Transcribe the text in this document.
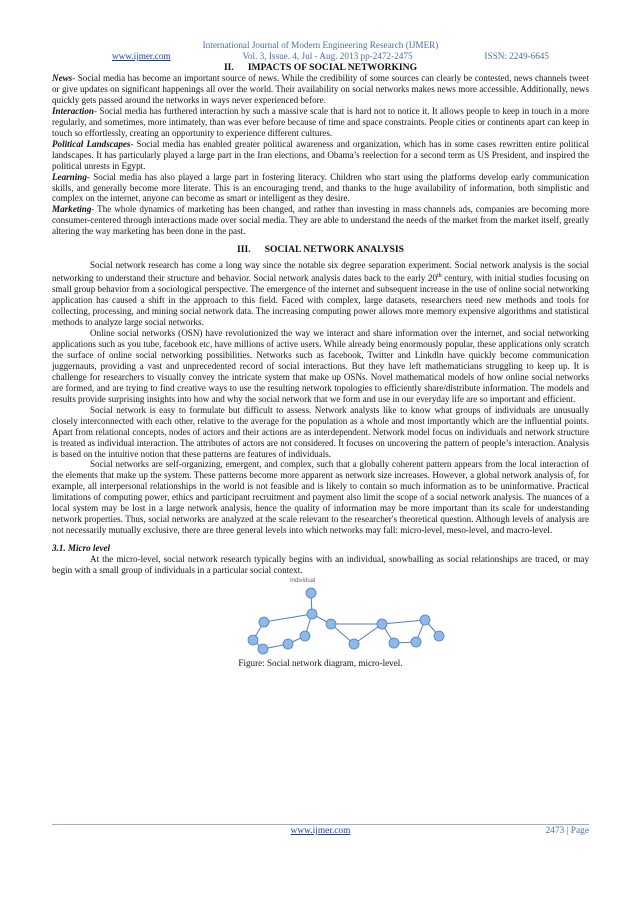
International Journal of Modern Engineering Research (IJMER)
www.ijmer.com	Vol. 3, Issue. 4, Jul - Aug. 2013 pp-2472-2475	ISSN: 2249-6645
II. IMPACTS OF SOCIAL NETWORKING

News- Social media has become an important source of news. While the credibility of some sources can clearly be contested, news channels tweet or give updates on significant happenings all over the world. Their availability on social networks makes news more accessible. Additionally, news quickly gets passed around the networks in ways never experienced before.

Interaction- Social media has furthered interaction by such a massive scale that is hard not to notice it. It allows people to keep in touch in a more regularly, and sometimes, more intimately, than was ever before because of time and space constraints. People cities or continents apart can keep in touch so effortlessly, creating an opportunity to experience different cultures.

Political Landscapes- Social media has enabled greater political awareness and organization, which has in some cases rewritten entire political landscapes. It has particularly played a large part in the Iran elections, and Obama’s reelection for a second term as US President, and inspired the political unrests in Egypt.

Learning- Social media has also played a large part in fostering literacy. Children who start using the platforms develop early communication skills, and generally become more literate. This is an encouraging trend, and thanks to the huge availability of information, both simplistic and complex on the internet, anyone can become as smart or intelligent as they desire.

Marketing- The whole dynamics of marketing has been changed, and rather than investing in mass channels ads, companies are becoming more consumer-centered through interactions made over social media. They are able to understand the needs of the market from the market itself, greatly altering the way marketing has been done in the past.

III. SOCIAL NETWORK ANALYSIS

Social network research has come a long way since the notable six degree separation experiment. Social network analysis is the social networking to understand their structure and behavior. Social network analysis dates back to the early 20th century, with initial studies focusing on small group behavior from a sociological perspective. The emergence of the internet and subsequent increase in the use of online social networking application has caused a shift in the approach to this field. Faced with complex, large datasets, researchers need new methods and tools for collecting, processing, and mining social network data. The increasing computing power allows more memory expensive algorithms and statistical methods to analyze large social networks.

Online social networks (OSN) have revolutionized the way we interact and share information over the internet, and social networking applications such as you tube, facebook etc, have millions of active users. While already being enormously popular, these applications only scratch the surface of online social networking possibilities. Networks such as facebook, Twitter and Linkdln have quickly become communication juggernauts, providing a vast and unprecedented record of social interactions. But they have left mathematicians struggling to keep up. It is challenge for researchers to visually convey the intricate system that make up OSNs. Novel mathematical models of how online social networks are formed, and are trying to find creative ways to use the resulting network topologies to efficiently share/distribute information. The models and results provide surprising insights into how and why the social network that we form and use in our everyday life are so important and efficient.

Social network is easy to formulate but difficult to assess. Network analysts like to know what groups of individuals are unusually closely interconnected with each other, relative to the average for the population as a whole and most importantly which are the influential points. Apart from relational concepts, nodes of actors and their actions are as interdependent. Network model focus on individuals and network structure is treated as individual interaction. The attributes of actors are not considered. It focuses on uncovering the pattern of people’s interaction. Analysis is based on the intuitive notion that these patterns are features of individuals.

Social networks are self-organizing, emergent, and complex, such that a globally coherent pattern appears from the local interaction of the elements that make up the system. These patterns become more apparent as network size increases. However, a global network analysis of, for example, all interpersonal relationships in the world is not feasible and is likely to contain so much information as to be uninformative. Practical limitations of computing power, ethics and participant recruitment and payment also limit the scope of a social network analysis. The nuances of a local system may be lost in a large network analysis, hence the quality of information may be more important than its scale for understanding network properties. Thus, social networks are analyzed at the scale relevant to the researcher's theoretical question. Although levels of analysis are not necessarily mutually exclusive, there are three general levels into which networks may fall: micro-level, meso-level, and macro-level.

3.1. Micro level

At the micro-level, social network research typically begins with an individual, snowballing as social relationships are traced, or may begin with a small group of individuals in a particular social context.

Individual
Figure: Social network diagram, micro-level.
www.ijmer.com	2473 | Page
